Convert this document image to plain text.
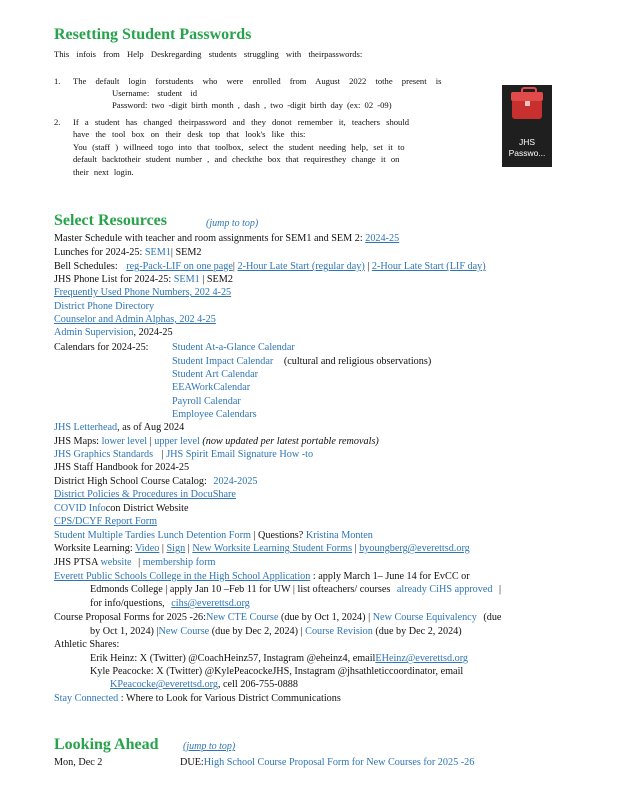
Resetting Student Passwords
This infois from Help Deskregarding students struggling with theirpasswords:
1. The default login forstudents who were enrolled from August 2022 tothe present is
Username: student id
Password: two -digit birth month , dash , two -digit birth day (ex: 02 -09)
2. If a student has changed theirpassword and they donot remember it, teachers should
have the tool box on their desk top that look's like this:
You (staff ) willneed togo into that toolbox, select the student needing help, set it to
default backtotheir student number , and checkthe box that requiresthey change it on
their next login.
JHS
Passwo...
Select Resources	(jump to top)
Master Schedule with teacher and room assignments for SEM1 and SEM 2: 2024-25
Lunches for 2024-25: SEM1| SEM2
Bell Schedules: reg-Pack-LIF on one page| 2-Hour Late Start (regular day) | 2-Hour Late Start (LIF day)
JHS Phone List for 2024-25: SEM1 | SEM2
Frequently Used Phone Numbers, 202 4-25
District Phone Directory
Counselor and Admin Alphas, 202 4-25
Admin Supervision, 2024-25
Calendars for 2024-25: Student At-a-Glance Calendar
Student Impact Calendar (cultural and religious observations)
Student Art Calendar
EEAWorkCalendar
Payroll Calendar
Employee Calendars
JHS Letterhead, as of Aug 2024
JHS Maps: lower level | upper level (now updated per latest portable removals)
JHS Graphics Standards | JHS Spirit Email Signature How -to
JHS Staff Handbook for 2024-25
District High School Course Catalog: 2024-2025
District Policies & Procedures in DocuShare
COVID Infocon District Website
CPS/DCYF Report Form
Student Multiple Tardies Lunch Detention Form | Questions? Kristina Monten
Worksite Learning: Video | Sign | New Worksite Learning Student Forms | byoungberg@everettsd.org
JHS PTSA website | membership form
Everett Public Schools College in the High School Application : apply March 1– June 14 for EvCC or
Edmonds College | apply Jan 10 –Feb 11 for UW | list ofteachers/ courses already CiHS approved |
for info/questions, cihs@everettsd.org
Course Proposal Forms for 2025 -26:New CTE Course (due by Oct 1, 2024) | New Course Equivalency (due
by Oct 1, 2024) |New Course (due by Dec 2, 2024) | Course Revision (due by Dec 2, 2024)
Athletic Shares:
Erik Heinz: X (Twitter) @CoachHeinz57, Instagram @eheinz4, emailEHeinz@everettsd.org
Kyle Peacocke: X (Twitter) @KylePeacockeJHS, Instagram @jhsathleticcoordinator, email
KPeacocke@everettsd.org, cell 206-755-0888
Stay Connected : Where to Look for Various District Communications
Looking Ahead (jump to top)
Mon, Dec 2	DUE:High School Course Proposal Form for New Courses for 2025 -26
